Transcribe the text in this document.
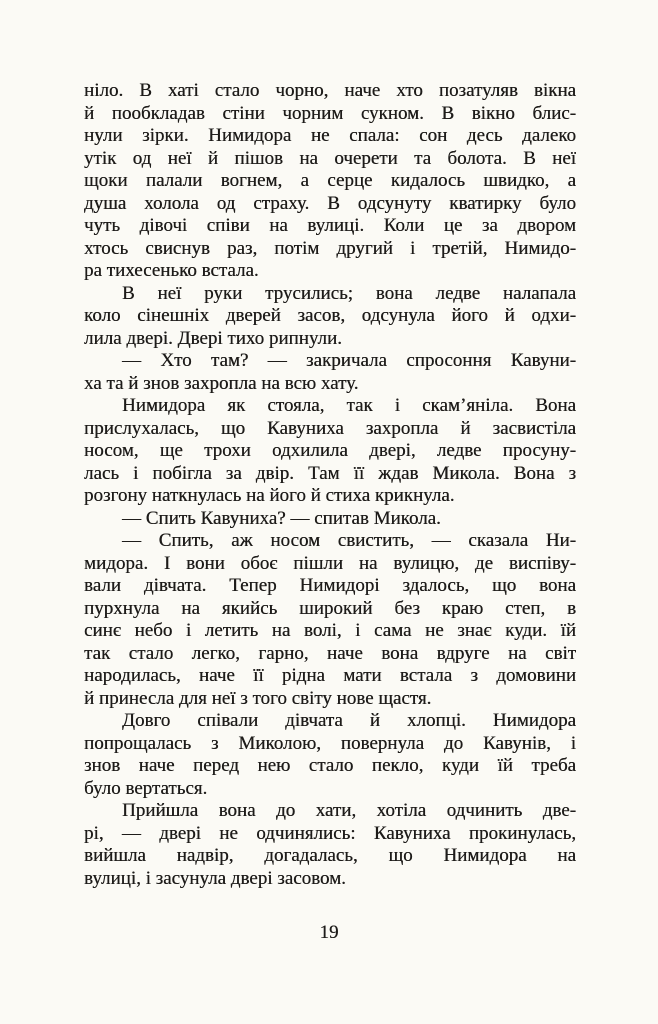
ніло. В хаті стало чорно, наче хто позатуляв вікна
й пообкладав стіни чорним сукном. В вікно блис-
нули зірки. Нимидора не спала: сон десь далеко
утік од неї й пішов на очерети та болота. В неї
щоки палали вогнем, а серце кидалось швидко, а
душа холола од страху. В одсунуту кватирку було
чуть дівочі співи на вулиці. Коли це за двором
хтось свиснув раз, потім другий і третій, Нимидо-
ра тихесенько встала.
В неї руки трусились; вона ледве налапала
коло сінешніх дверей засов, одсунула його й одхи-
лила двері. Двері тихо рипнули.
— Хто там? — закричала спросоння Кавуни-
ха та й знов захропла на всю хату.
Нимидора як стояла, так і скам’яніла. Вона
прислухалась, що Кавуниха захропла й засвистіла
носом, ще трохи одхилила двері, ледве просуну-
лась і побігла за двір. Там її ждав Микола. Вона з
розгону наткнулась на його й стиха крикнула.
— Спить Кавуниха? — спитав Микола.
— Спить, аж носом свистить, — сказала Ни-
мидора. І вони обоє пішли на вулицю, де виспіву-
вали дівчата. Тепер Нимидорі здалось, що вона
пурхнула на якийсь широкий без краю степ, в
синє небо і летить на волі, і сама не знає куди. їй
так стало легко, гарно, наче вона вдруге на світ
народилась, наче її рідна мати встала з домовини
й принесла для неї з того світу нове щастя.
Довго співали дівчата й хлопці. Нимидора
попрощалась з Миколою, повернула до Кавунів, і
знов наче перед нею стало пекло, куди їй треба
було вертаться.
Прийшла вона до хати, хотіла одчинить две-
рі, — двері не одчинялись: Кавуниха прокинулась,
вийшла надвір, догадалась, що Нимидора на
вулиці, і засунула двері засовом.
19
